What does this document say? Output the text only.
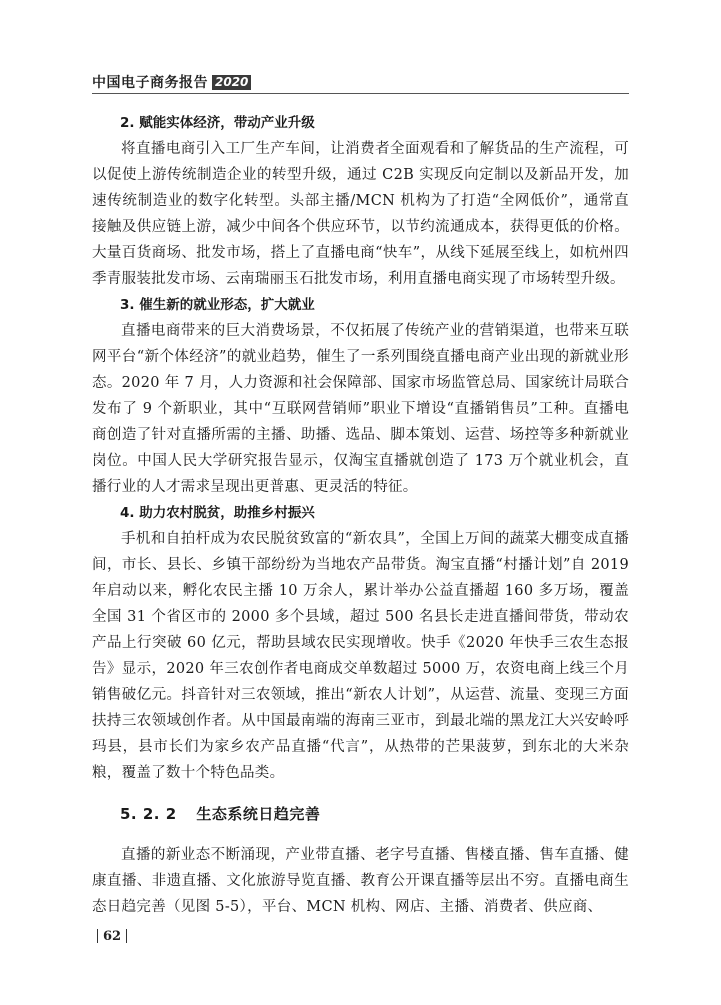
中国电子商务报告 2020
2. 赋能实体经济，带动产业升级

将直播电商引入工厂生产车间，让消费者全面观看和了解货品的生产流程，可以促使上游传统制造企业的转型升级，通过 C2B 实现反向定制以及新品开发，加速传统制造业的数字化转型。头部主播/MCN 机构为了打造“全网低价”，通常直接触及供应链上游，减少中间各个供应环节，以节约流通成本，获得更低的价格。大量百货商场、批发市场，搭上了直播电商“快车”，从线下延展至线上，如杭州四季青服装批发市场、云南瑞丽玉石批发市场，利用直播电商实现了市场转型升级。

3. 催生新的就业形态，扩大就业

直播电商带来的巨大消费场景，不仅拓展了传统产业的营销渠道，也带来互联网平台“新个体经济”的就业趋势，催生了一系列围绕直播电商产业出现的新就业形态。2020 年 7 月，人力资源和社会保障部、国家市场监管总局、国家统计局联合发布了 9 个新职业，其中“互联网营销师”职业下增设“直播销售员”工种。直播电商创造了针对直播所需的主播、助播、选品、脚本策划、运营、场控等多种新就业岗位。中国人民大学研究报告显示，仅淘宝直播就创造了 173 万个就业机会，直播行业的人才需求呈现出更普惠、更灵活的特征。

4. 助力农村脱贫，助推乡村振兴

手机和自拍杆成为农民脱贫致富的“新农具”，全国上万间的蔬菜大棚变成直播间，市长、县长、乡镇干部纷纷为当地农产品带货。淘宝直播“村播计划”自 2019 年启动以来，孵化农民主播 10 万余人，累计举办公益直播超 160 多万场，覆盖全国 31 个省区市的 2000 多个县域，超过 500 名县长走进直播间带货，带动农产品上行突破 60 亿元，帮助县域农民实现增收。快手《2020 年快手三农生态报告》显示，2020 年三农创作者电商成交单数超过 5000 万，农资电商上线三个月销售破亿元。抖音针对三农领域，推出“新农人计划”，从运营、流量、变现三方面扶持三农领域创作者。从中国最南端的海南三亚市，到最北端的黑龙江大兴安岭呼玛县，县市长们为家乡农产品直播“代言”，从热带的芒果菠萝，到东北的大米杂粮，覆盖了数十个特色品类。

5. 2. 2 生态系统日趋完善

直播的新业态不断涌现，产业带直播、老字号直播、售楼直播、售车直播、健康直播、非遗直播、文化旅游导览直播、教育公开课直播等层出不穷。直播电商生态日趋完善（见图 5-5），平台、MCN 机构、网店、主播、消费者、供应商、

62
